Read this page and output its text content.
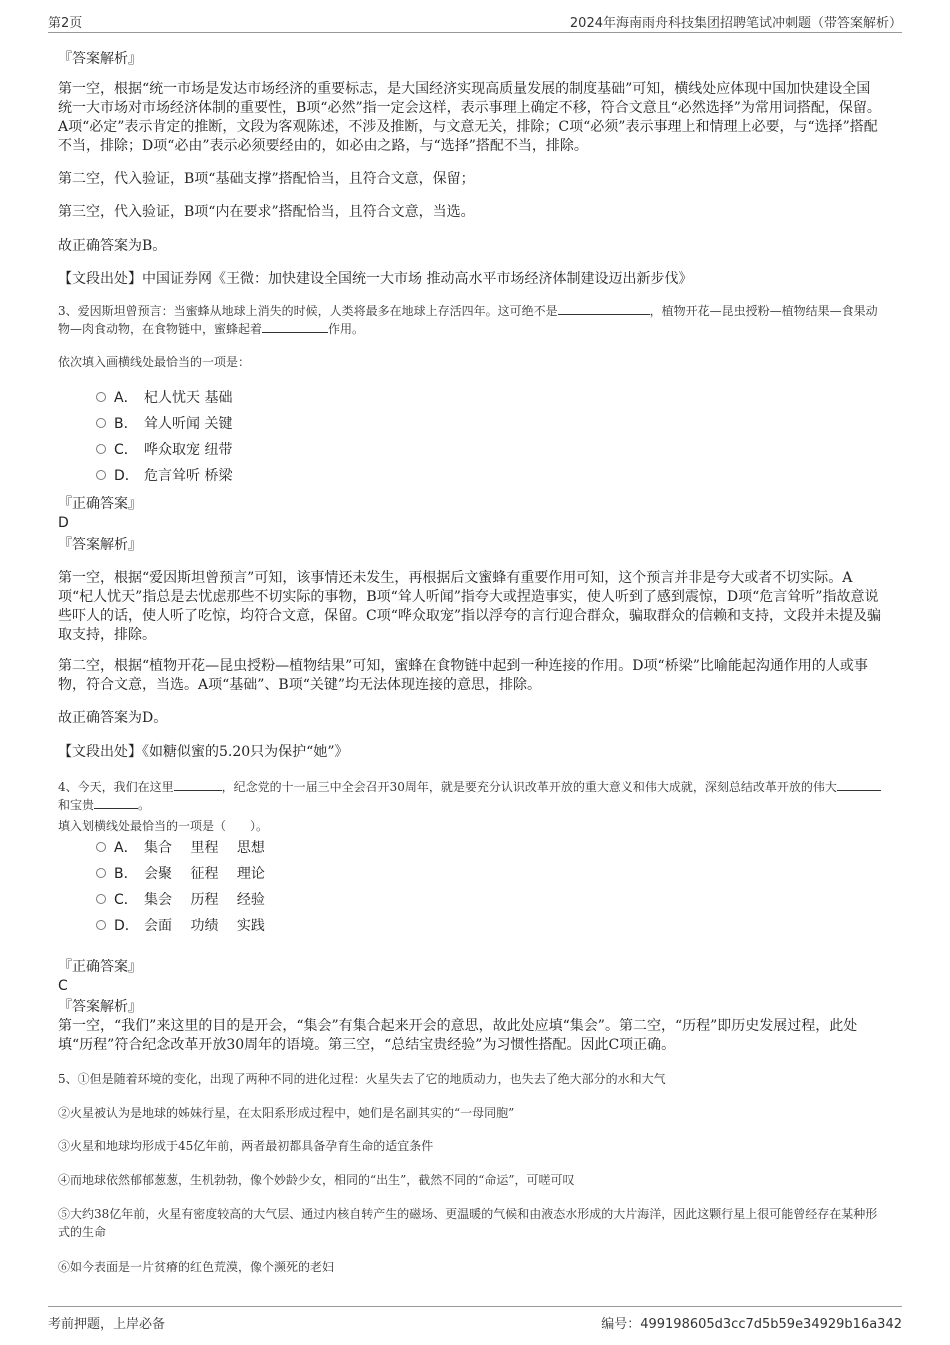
第2页	2024年海南雨舟科技集团招聘笔试冲刺题（带答案解析）
『答案解析』
第一空，根据“统一市场是发达市场经济的重要标志，是大国经济实现高质量发展的制度基础”可知，横线处应体现中国加快建设全国统一大市场对市场经济体制的重要性，B项“必然”指一定会这样，表示事理上确定不移，符合文意且“必然选择”为常用词搭配，保留。A项“必定”表示肯定的推断，文段为客观陈述，不涉及推断，与文意无关，排除；C项“必须”表示事理上和情理上必要，与“选择”搭配不当，排除；D项“必由”表示必须要经由的，如必由之路，与“选择”搭配不当，排除。
第二空，代入验证，B项“基础支撑”搭配恰当，且符合文意，保留；
第三空，代入验证，B项“内在要求”搭配恰当，且符合文意，当选。
故正确答案为B。
【文段出处】中国证券网《王微：加快建设全国统一大市场 推动高水平市场经济体制建设迈出新步伐》
3、爱因斯坦曾预言：当蜜蜂从地球上消失的时候，人类将最多在地球上存活四年。这可绝不是	，植物开花—昆虫授粉—植物结果—食果动物—肉食动物，在食物链中，蜜蜂起着	作用。
依次填入画横线处最恰当的一项是：
A． 杞人忧天 基础
B． 耸人听闻 关键
C． 哗众取宠 纽带
D． 危言耸听 桥梁
『正确答案』
D
『答案解析』
第一空，根据“爱因斯坦曾预言”可知，该事情还未发生，再根据后文蜜蜂有重要作用可知，这个预言并非是夸大或者不切实际。A项“杞人忧天”指总是去忧虑那些不切实际的事物，B项“耸人听闻”指夸大或捏造事实，使人听到了感到震惊，D项“危言耸听”指故意说些吓人的话，使人听了吃惊，均符合文意，保留。C项“哗众取宠”指以浮夸的言行迎合群众，骗取群众的信赖和支持，文段并未提及骗取支持，排除。
第二空，根据“植物开花—昆虫授粉—植物结果”可知，蜜蜂在食物链中起到一种连接的作用。D项“桥梁”比喻能起沟通作用的人或事物，符合文意，当选。A项“基础”、B项“关键”均无法体现连接的意思，排除。
故正确答案为D。
【文段出处】《如糖似蜜的5.20只为保护“她”》
4、今天，我们在这里	，纪念党的十一届三中全会召开30周年，就是要充分认识改革开放的重大意义和伟大成就，深刻总结改革开放的伟大和宝贵	。
填入划横线处最恰当的一项是（　　）。
A． 集合　 里程　 思想
B． 会聚　 征程　 理论
C． 集会　 历程　 经验
D． 会面　 功绩　 实践
『正确答案』
C
『答案解析』
第一空，“我们”来这里的目的是开会，“集会”有集合起来开会的意思，故此处应填“集会”。第二空，“历程”即历史发展过程，此处填“历程”符合纪念改革开放30周年的语境。第三空，“总结宝贵经验”为习惯性搭配。因此C项正确。
5、①但是随着环境的变化，出现了两种不同的进化过程：火星失去了它的地质动力，也失去了绝大部分的水和大气
②火星被认为是地球的姊妹行星，在太阳系形成过程中，她们是名副其实的“一母同胞”
③火星和地球均形成于45亿年前，两者最初都具备孕育生命的适宜条件
④而地球依然郁郁葱葱，生机勃勃，像个妙龄少女，相同的“出生”，截然不同的“命运”，可嗟可叹
⑤大约38亿年前，火星有密度较高的大气层、通过内核自转产生的磁场、更温暖的气候和由液态水形成的大片海洋，因此这颗行星上很可能曾经存在某种形式的生命
⑥如今表面是一片贫瘠的红色荒漠，像个濒死的老妇
考前押题，上岸必备	编号：499198605d3cc7d5b59e34929b16a342
